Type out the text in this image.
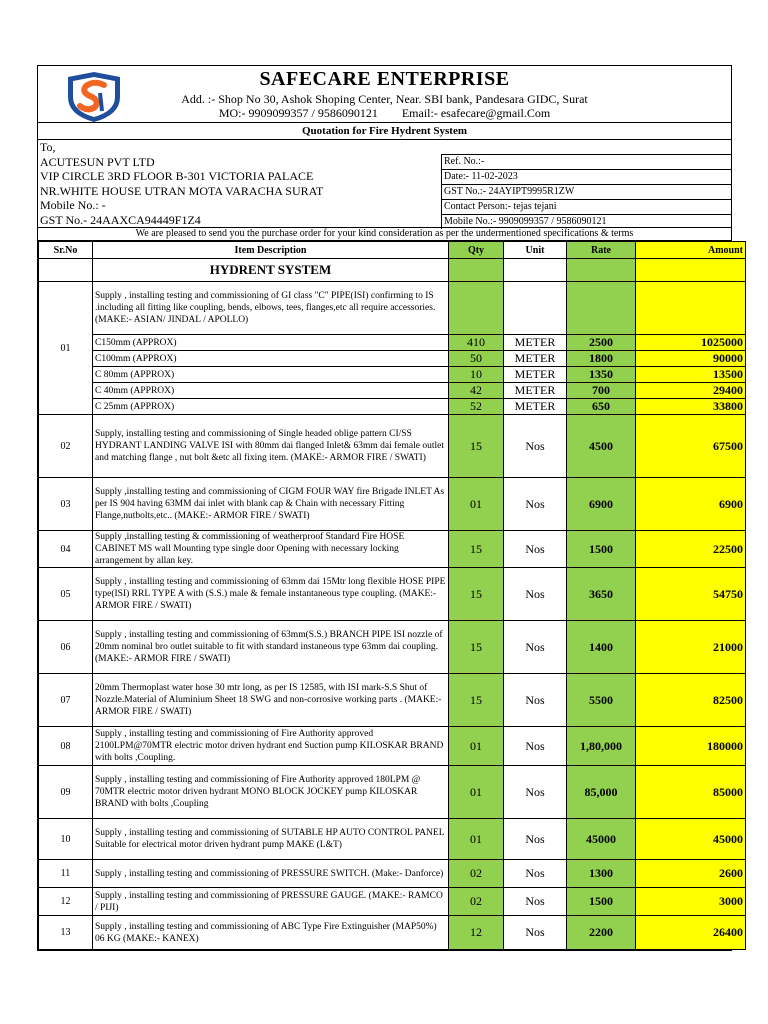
SAFECARE ENTERPRISE
Add. :- Shop No 30, Ashok Shoping Center, Near. SBI bank, Pandesara GIDC, Surat
MO:- 9909099357 / 9586090121 Email:- esafecare@gmail.Com
Quotation for Fire Hydrent System
To,
ACUTESUN PVT LTD
VIP CIRCLE 3RD FLOOR B-301 VICTORIA PALACE
NR.WHITE HOUSE UTRAN MOTA VARACHA SURAT
Mobile No.: -
GST No.- 24AAXCA94449F1Z4
Ref. No.:-
Date:- 11-02-2023
GST No.:- 24AYIPT9995R1ZW
Contact Person:- tejas tejani
Mobile No.:- 9909099357 / 9586090121
We are pleased to send you the purchase order for your kind consideration as per the undermentioned specifications & terms
Sr.No	Item Description	Qty	Unit	Rate	Amount
	HYDRENT SYSTEM				
01	Supply , installing testing and commissioning of GI class "C" PIPE(ISI) confirming to IS .including all fitting like coupling, bends, elbows, tees, flanges,etc all require accessories. (MAKE:- ASIAN/ JINDAL / APOLLO)				
	C150mm (APPROX)	410	METER	2500	1025000
	C100mm (APPROX)	50	METER	1800	90000
	C 80mm (APPROX)	10	METER	1350	13500
	C 40mm (APPROX)	42	METER	700	29400
	C 25mm (APPROX)	52	METER	650	33800
02	Supply, installing testing and commissioning of Single headed oblige pattern CI/SS HYDRANT LANDING VALVE ISI with 80mm dai flanged Inlet& 63mm dai female outlet and matching flange , nut bolt &etc all fixing item. (MAKE:- ARMOR FIRE / SWATI)	15	Nos	4500	67500
03	Supply ,installing testing and commissioning of CIGM FOUR WAY fire Brigade INLET As per IS 904 having 63MM dai inlet with blank cap & Chain with necessary Fitting Flange,nutbolts,etc.. (MAKE:- ARMOR FIRE / SWATI)	01	Nos	6900	6900
04	Supply ,installing testing & commissioning of weatherproof Standard Fire HOSE CABINET MS wall Mounting type single door Opening with necessary locking arrangement by allan key.	15	Nos	1500	22500
05	Supply , installing testing and commissioning of 63mm dai 15Mtr long flexible HOSE PIPE type(ISI) RRL TYPE A with (S.S.) male & female instantaneous type coupling. (MAKE:- ARMOR FIRE / SWATI)	15	Nos	3650	54750
06	Supply , installing testing and commissioning of 63mm(S.S.) BRANCH PIPE ISI nozzle of 20mm nominal bro outlet suitable to fit with standard instaneous type 63mm dai coupling. (MAKE:- ARMOR FIRE / SWATI)	15	Nos	1400	21000
07	20mm Thermoplast water hose 30 mtr long, as per IS 12585, with ISI mark-S.S Shut of Nozzle.Material of Aluminium Sheet 18 SWG and non-corrosive working parts . (MAKE:- ARMOR FIRE / SWATI)	15	Nos	5500	82500
08	Supply , installing testing and commissioning of Fire Authority approved 2100LPM@70MTR electric motor driven hydrant end Suction pump KILOSKAR BRAND with bolts ,Coupling.	01	Nos	1,80,000	180000
09	Supply , installing testing and commissioning of Fire Authority approved 180LPM @ 70MTR electric motor driven hydrant MONO BLOCK JOCKEY pump KILOSKAR BRAND with bolts ,Coupling	01	Nos	85,000	85000
10	Supply , installing testing and commissioning of SUTABLE HP AUTO CONTROL PANEL Suitable for electrical motor driven hydrant pump MAKE (L&T)	01	Nos	45000	45000
11	Supply , installing testing and commissioning of PRESSURE SWITCH. (Make:- Danforce)	02	Nos	1300	2600
12	Supply , installing testing and commissioning of PRESSURE GAUGE. (MAKE:- RAMCO / PIJI)	02	Nos	1500	3000
13	Supply , installing testing and commissioning of ABC Type Fire Extinguisher (MAP50%) 06 KG (MAKE:- KANEX)	12	Nos	2200	26400
